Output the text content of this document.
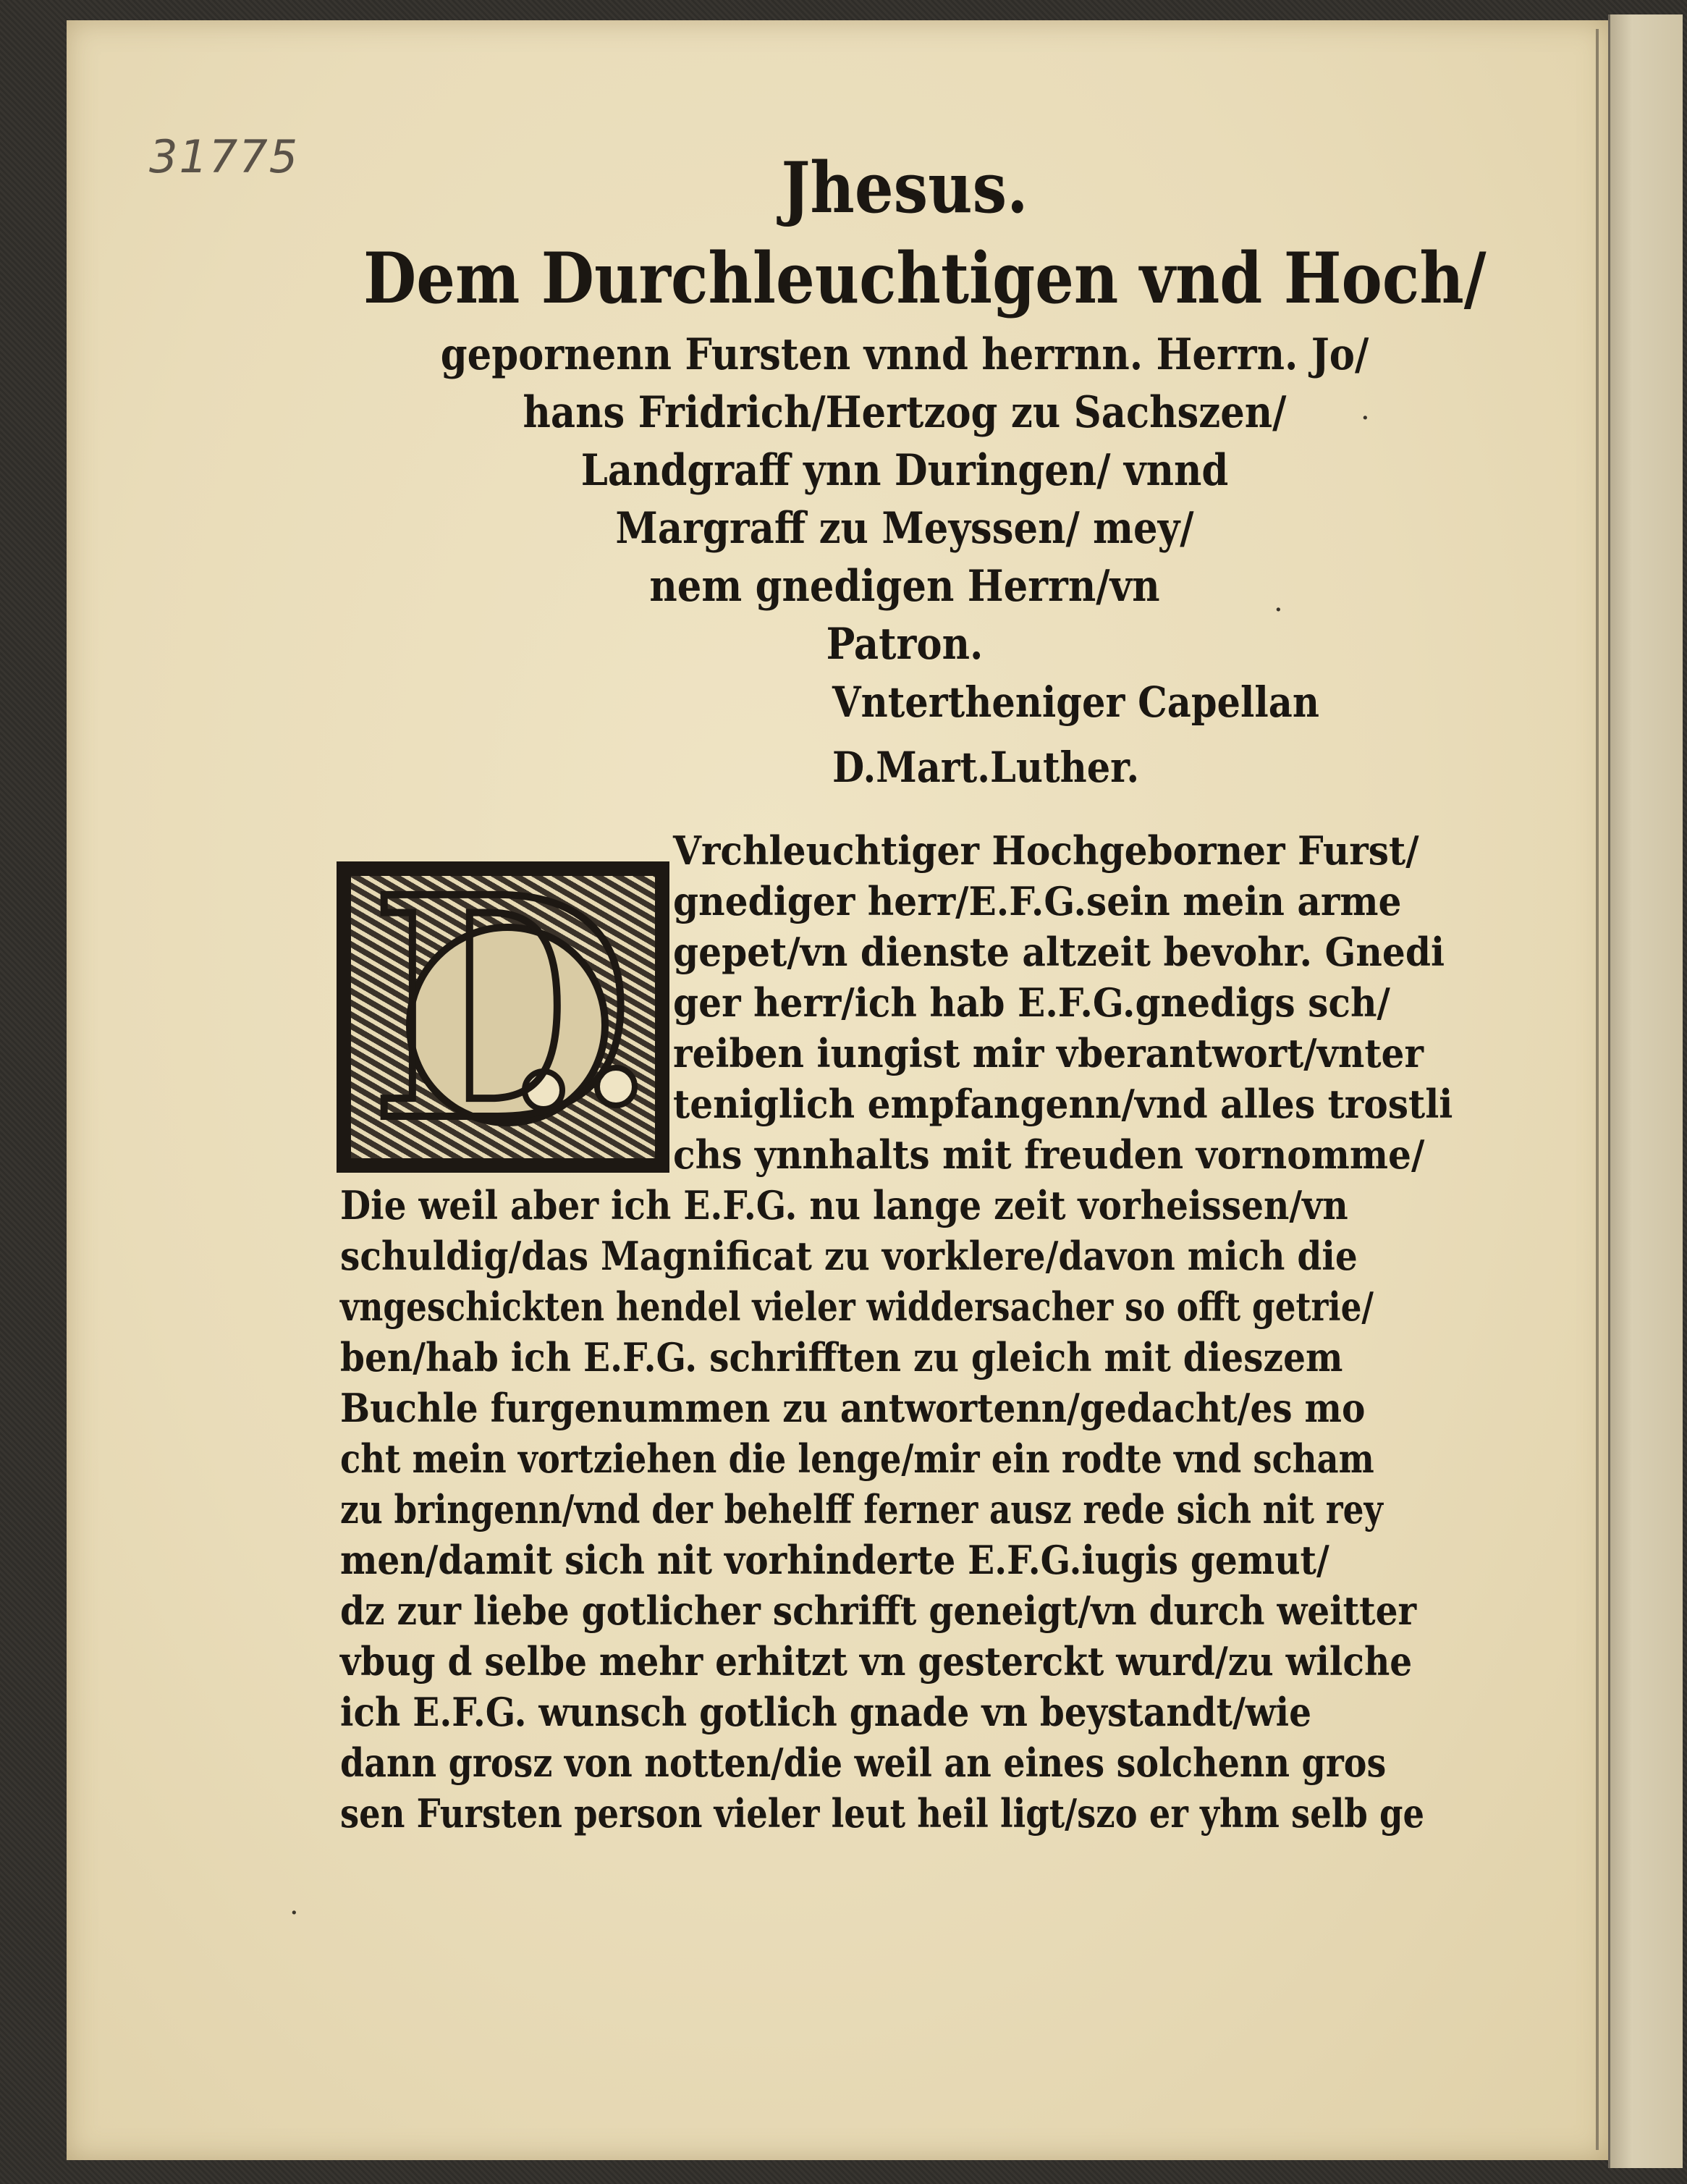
31775	Jhesus.

Dem Durchleuchtigen vnd Hoch/

gepornenn Fursten vnnd herrnn. Herrn. Jo/

hans Fridrich/Hertzog zu Sachszen/

Landgraff ynn Duringen/ vnnd

Margraff zu Meyssen/ mey/

nem gnedigen Herrn/vn

Patron.

Vntertheniger Capellan

D.Mart.Luther.

D Vrchleuchtiger Hochgeborner Furst/
gnediger herr/E.F.G.sein mein arme
gepet/vn dienste altzeit bevohr. Gnedi
ger herr/ich hab E.F.G.gnedigs sch/
reiben iungist mir vberantwort/vnter
teniglich empfangenn/vnd alles trostli
chs ynnhalts mit freuden vornomme/
Die weil aber ich E.F.G. nu lange zeit vorheissen/vn
schuldig/das Magnificat zu vorklere/davon mich die
vngeschickten hendel vieler widdersacher so offt getrie/
ben/hab ich E.F.G. schrifften zu gleich mit dieszem
Buchle furgenummen zu antwortenn/gedacht/es mo
cht mein vortziehen die lenge/mir ein rodte vnd scham
zu bringenn/vnd der behelff ferner ausz rede sich nit rey
men/damit sich nit vorhinderte E.F.G.iugis gemut/
dz zur liebe gotlicher schrifft geneigt/vn durch weitter
vbug d selbe mehr erhitzt vn gesterckt wurd/zu wilche
ich E.F.G. wunsch gotlich gnade vn beystandt/wie
dann grosz von notten/die weil an eines solchenn gros
sen Fursten person vieler leut heil ligt/szo er yhm selb ge
·
·
·
